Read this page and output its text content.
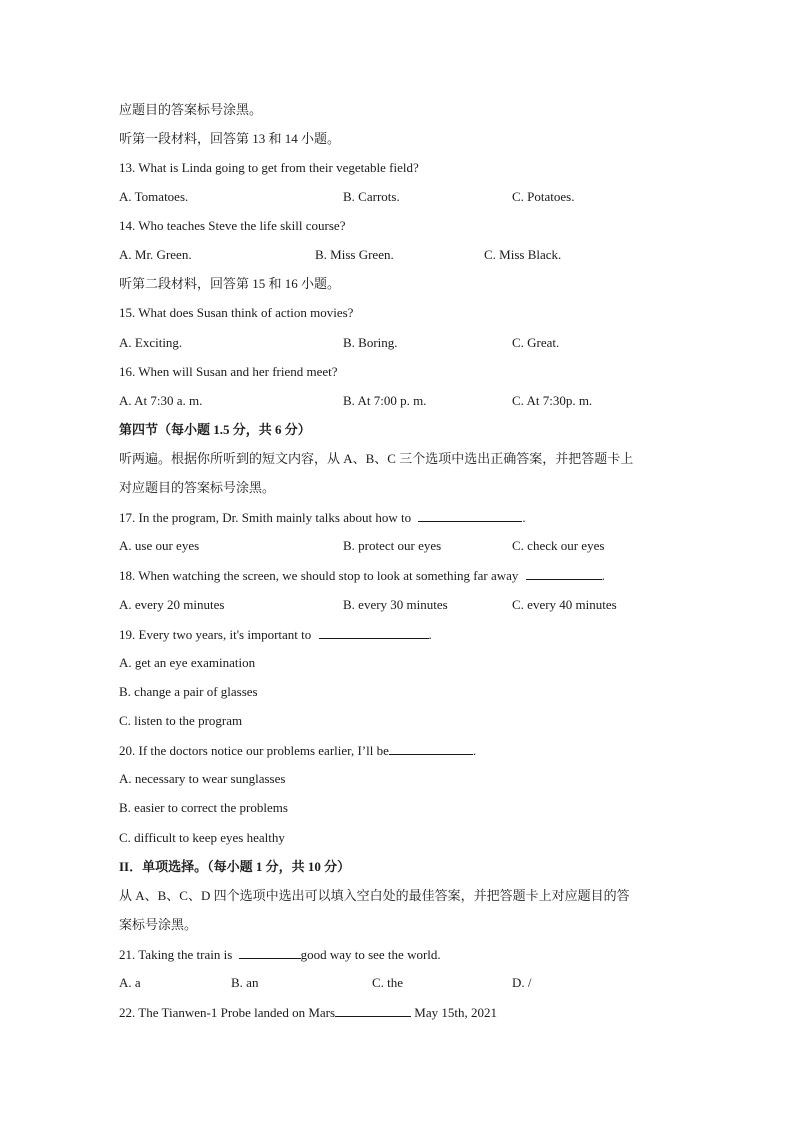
应题目的答案标号涂黑。
听第一段材料，回答第 13 和 14 小题。
13. What is Linda going to get from their vegetable field?
A. Tomatoes.	B. Carrots.	C. Potatoes.
14. Who teaches Steve the life skill course?
A. Mr. Green.	B. Miss Green.	C. Miss Black.
听第二段材料，回答第 15 和 16 小题。
15. What does Susan think of action movies?
A. Exciting.	B. Boring.	C. Great.
16. When will Susan and her friend meet?
A. At 7:30 a. m.	B. At 7:00 p. m.	C. At 7:30p. m.
第四节（每小题 1.5 分，共 6 分）
听两遍。根据你所听到的短文内容，从 A、B、C 三个选项中选出正确答案，并把答题卡上
对应题目的答案标号涂黑。
17. In the program, Dr. Smith mainly talks about how to	.
A. use our eyes	B. protect our eyes	C. check our eyes
18. When watching the screen, we should stop to look at something far away	.
A. every 20 minutes	B. every 30 minutes	C. every 40 minutes
19. Every two years, it's important to	.
A. get an eye examination
B. change a pair of glasses
C. listen to the program
20. If the doctors notice our problems earlier, I’ll be	.
A. necessary to wear sunglasses
B. easier to correct the problems
C. difficult to keep eyes healthy
II．单项选择。（每小题 1 分，共 10 分）
从 A、B、C、D 四个选项中选出可以填入空白处的最佳答案，并把答题卡上对应题目的答
案标号涂黑。
21. Taking the train is	good way to see the world.
A. a	B. an	C. the	D. /
22. The Tianwen-1 Probe landed on Mars	May 15th, 2021
